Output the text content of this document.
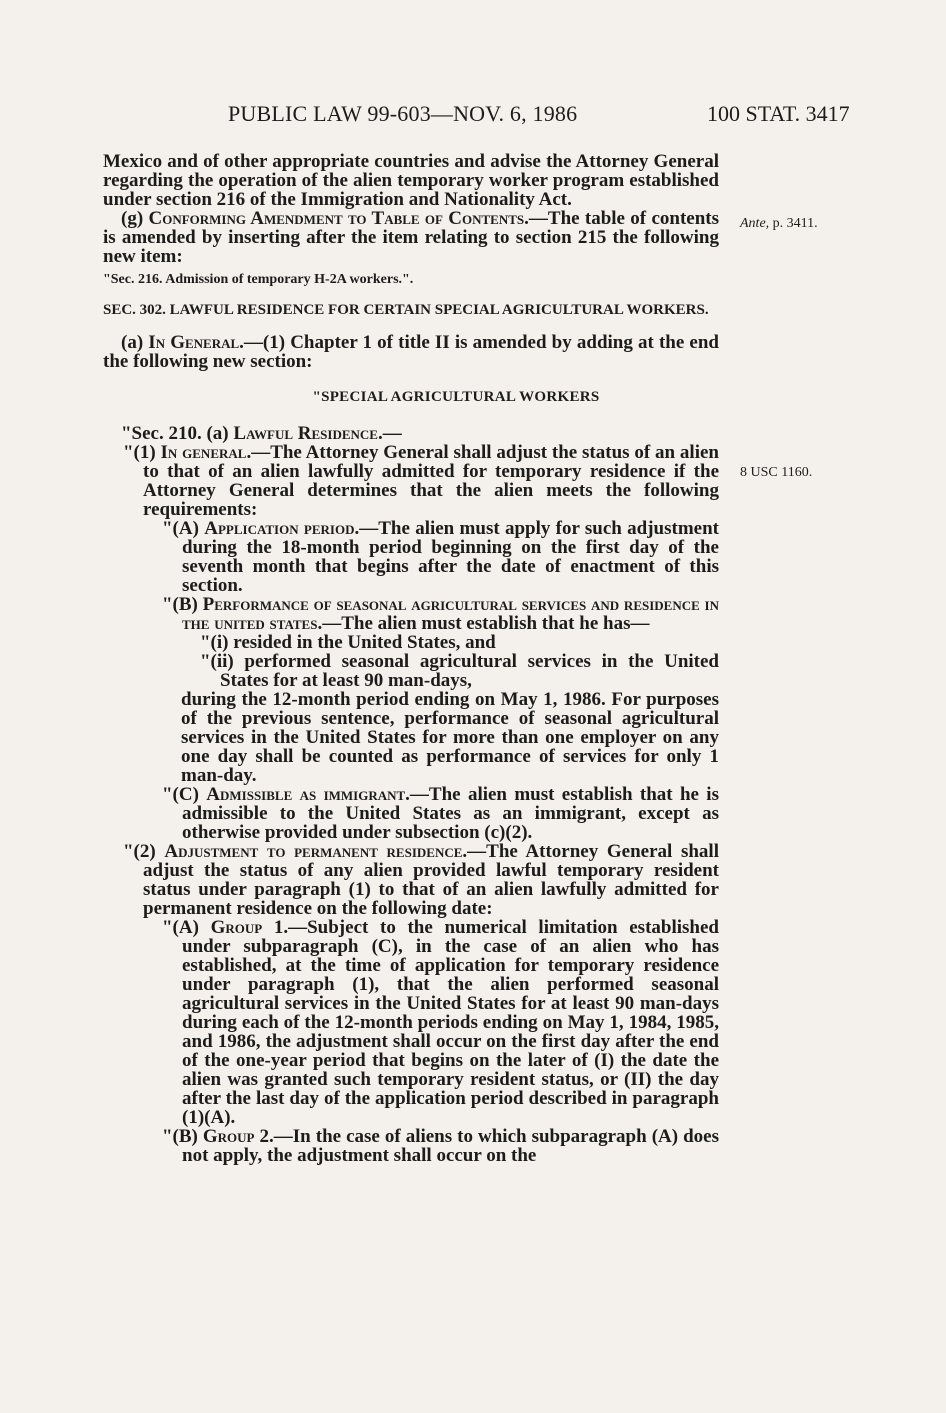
PUBLIC LAW 99-603—NOV. 6, 1986	100 STAT. 3417
Ante, p. 3411.
8 USC 1160.

Mexico and of other appropriate countries and advise the Attorney General regarding the operation of the alien temporary worker program established under section 216 of the Immigration and Nationality Act.

(g) Conforming Amendment to Table of Contents.—The table of contents is amended by inserting after the item relating to section 215 the following new item:

"Sec. 216. Admission of temporary H-2A workers.".

SEC. 302. LAWFUL RESIDENCE FOR CERTAIN SPECIAL AGRICULTURAL WORKERS.

(a) In General.—(1) Chapter 1 of title II is amended by adding at the end the following new section:

"SPECIAL AGRICULTURAL WORKERS

"Sec. 210. (a) Lawful Residence.—

"(1) In general.—The Attorney General shall adjust the status of an alien to that of an alien lawfully admitted for temporary residence if the Attorney General determines that the alien meets the following requirements:

"(A) Application period.—The alien must apply for such adjustment during the 18-month period beginning on the first day of the seventh month that begins after the date of enactment of this section.

"(B) Performance of seasonal agricultural services and residence in the united states.—The alien must establish that he has—

"(i) resided in the United States, and

"(ii) performed seasonal agricultural services in the United States for at least 90 man-days,

during the 12-month period ending on May 1, 1986. For purposes of the previous sentence, performance of seasonal agricultural services in the United States for more than one employer on any one day shall be counted as performance of services for only 1 man-day.

"(C) Admissible as immigrant.—The alien must establish that he is admissible to the United States as an immigrant, except as otherwise provided under subsection (c)(2).

"(2) Adjustment to permanent residence.—The Attorney General shall adjust the status of any alien provided lawful temporary resident status under paragraph (1) to that of an alien lawfully admitted for permanent residence on the following date:

"(A) Group 1.—Subject to the numerical limitation established under subparagraph (C), in the case of an alien who has established, at the time of application for temporary residence under paragraph (1), that the alien performed seasonal agricultural services in the United States for at least 90 man-days during each of the 12-month periods ending on May 1, 1984, 1985, and 1986, the adjustment shall occur on the first day after the end of the one-year period that begins on the later of (I) the date the alien was granted such temporary resident status, or (II) the day after the last day of the application period described in paragraph (1)(A).

"(B) Group 2.—In the case of aliens to which subparagraph (A) does not apply, the adjustment shall occur on the
